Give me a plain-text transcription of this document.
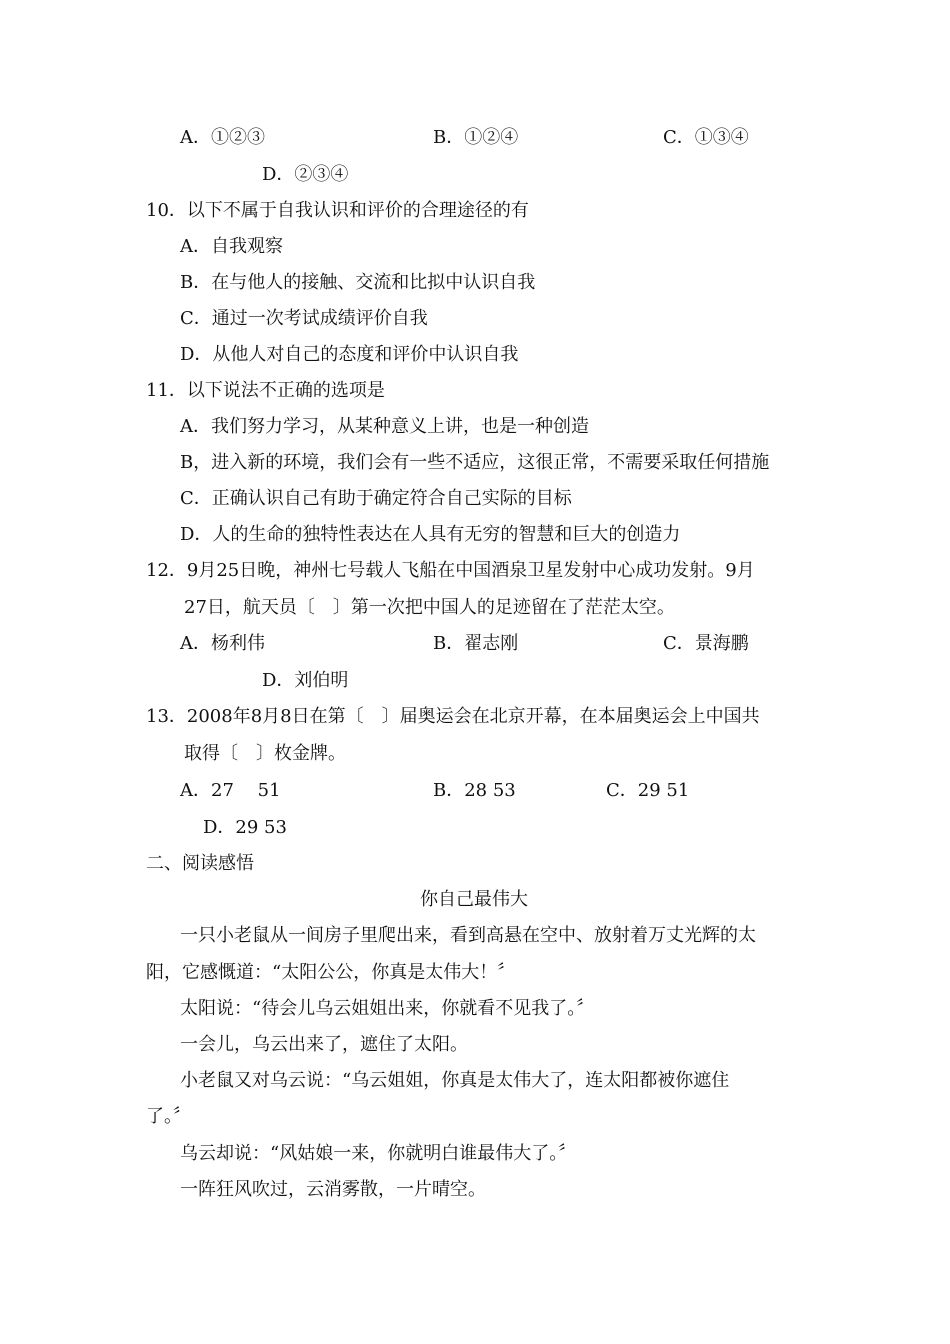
A．①②③	B．①②④	C．①③④
D．②③④
10．以下不属于自我认识和评价的合理途径的有
A．自我观察
B．在与他人的接触、交流和比拟中认识自我
C．通过一次考试成绩评价自我
D．从他人对自己的态度和评价中认识自我
11．以下说法不正确的选项是
A．我们努力学习，从某种意义上讲，也是一种创造
B，进入新的环境，我们会有一些不适应，这很正常，不需要采取任何措施
C．正确认识自己有助于确定符合自己实际的目标
D．人的生命的独特性表达在人具有无穷的智慧和巨大的创造力
12．9月25日晚，神州七号载人飞船在中国酒泉卫星发射中心成功发射。9月
27日，航天员〔　〕第一次把中国人的足迹留在了茫茫太空。
A．杨利伟	B．翟志刚	C．景海鹏
D．刘伯明
13．2008年8月8日在第〔　〕届奥运会在北京开幕，在本届奥运会上中国共
取得〔　〕枚金牌。
A．27　 51	B．28 53	C．29 51
D．29 53
二、阅读感悟
你自己最伟大
一只小老鼠从一间房子里爬出来，看到高悬在空中、放射着万丈光辉的太
阳，它感慨道：“太阳公公，你真是太伟大！〞
太阳说：“待会儿乌云姐姐出来，你就看不见我了。〞
一会儿，乌云出来了，遮住了太阳。
小老鼠又对乌云说：“乌云姐姐，你真是太伟大了，连太阳都被你遮住
了。〞
乌云却说：“风姑娘一来，你就明白谁最伟大了。〞
一阵狂风吹过，云消雾散，一片晴空。
